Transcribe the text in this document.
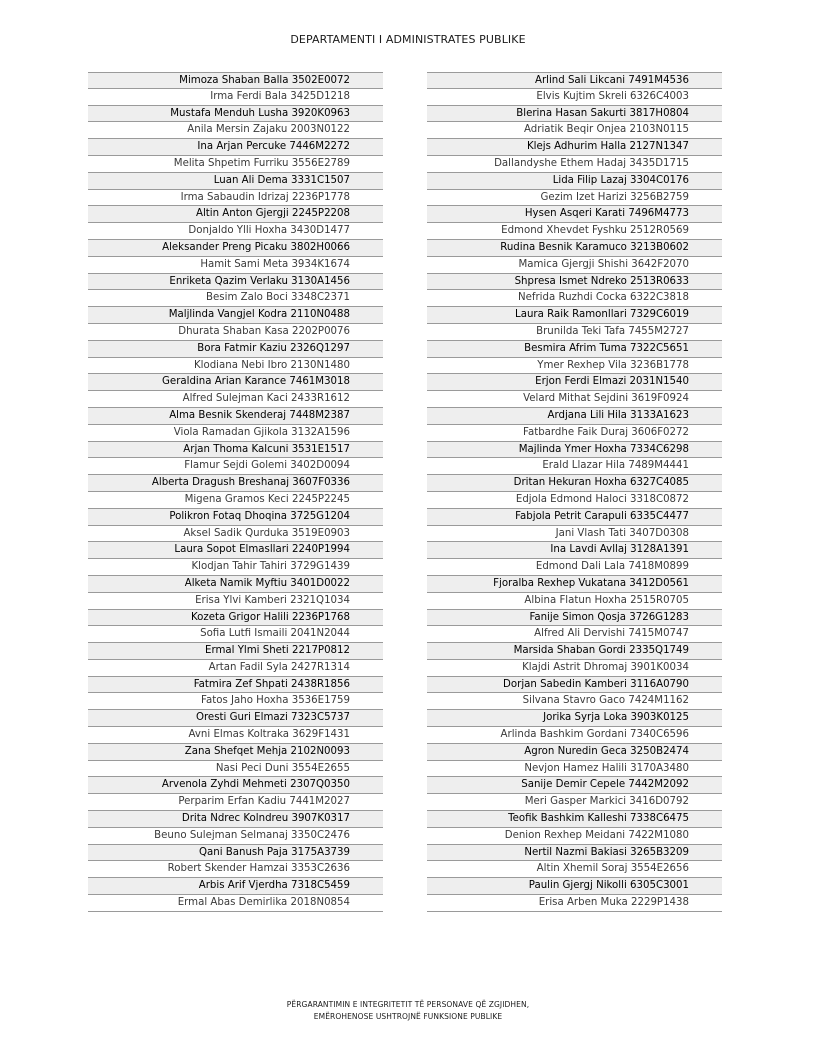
DEPARTAMENTI I ADMINISTRATES PUBLIKE
Mimoza Shaban Balla 3502E0072
Irma Ferdi Bala 3425D1218
Mustafa Menduh Lusha 3920K0963
Anila Mersin Zajaku 2003N0122
Ina Arjan Percuke 7446M2272
Melita Shpetim Furriku 3556E2789
Luan Ali Dema 3331C1507
Irma Sabaudin Idrizaj 2236P1778
Altin Anton Gjergji 2245P2208
Donjaldo Ylli Hoxha 3430D1477
Aleksander Preng Picaku 3802H0066
Hamit Sami Meta 3934K1674
Enriketa Qazim Verlaku 3130A1456
Besim Zalo Boci 3348C2371
Maljlinda Vangjel Kodra 2110N0488
Dhurata Shaban Kasa 2202P0076
Bora Fatmir Kaziu 2326Q1297
Klodiana Nebi Ibro 2130N1480
Geraldina Arian Karance 7461M3018
Alfred Sulejman Kaci 2433R1612
Alma Besnik Skenderaj 7448M2387
Viola Ramadan Gjikola 3132A1596
Arjan Thoma Kalcuni 3531E1517
Flamur Sejdi Golemi 3402D0094
Alberta Dragush Breshanaj 3607F0336
Migena Gramos Keci 2245P2245
Polikron Fotaq Dhoqina 3725G1204
Aksel Sadik Qurduka 3519E0903
Laura Sopot Elmasllari 2240P1994
Klodjan Tahir Tahiri 3729G1439
Alketa Namik Myftiu 3401D0022
Erisa Ylvi Kamberi 2321Q1034
Kozeta Grigor Halili 2236P1768
Sofia Lutfi Ismaili 2041N2044
Ermal Ylmi Sheti 2217P0812
Artan Fadil Syla 2427R1314
Fatmira Zef Shpati 2438R1856
Fatos Jaho Hoxha 3536E1759
Oresti Guri Elmazi 7323C5737
Avni Elmas Koltraka 3629F1431
Zana Shefqet Mehja 2102N0093
Nasi Peci Duni 3554E2655
Arvenola Zyhdi Mehmeti 2307Q0350
Perparim Erfan Kadiu 7441M2027
Drita Ndrec Kolndreu 3907K0317
Beuno Sulejman Selmanaj 3350C2476
Qani Banush Paja 3175A3739
Robert Skender Hamzai 3353C2636
Arbis Arif Vjerdha 7318C5459
Ermal Abas Demirlika 2018N0854
Arlind Sali Likcani 7491M4536
Elvis Kujtim Skreli 6326C4003
Blerina Hasan Sakurti 3817H0804
Adriatik Beqir Onjea 2103N0115
Klejs Adhurim Halla 2127N1347
Dallandyshe Ethem Hadaj 3435D1715
Lida Filip Lazaj 3304C0176
Gezim Izet Harizi 3256B2759
Hysen Asqeri Karati 7496M4773
Edmond Xhevdet Fyshku 2512R0569
Rudina Besnik Karamuco 3213B0602
Mamica Gjergji Shishi 3642F2070
Shpresa Ismet Ndreko 2513R0633
Nefrida Ruzhdi Cocka 6322C3818
Laura Raik Ramonllari 7329C6019
Brunilda Teki Tafa 7455M2727
Besmira Afrim Tuma 7322C5651
Ymer Rexhep Vila 3236B1778
Erjon Ferdi Elmazi 2031N1540
Velard Mithat Sejdini 3619F0924
Ardjana Lili Hila 3133A1623
Fatbardhe Faik Duraj 3606F0272
Majlinda Ymer Hoxha 7334C6298
Erald Llazar Hila 7489M4441
Dritan Hekuran Hoxha 6327C4085
Edjola Edmond Haloci 3318C0872
Fabjola Petrit Carapuli 6335C4477
Jani Vlash Tati 3407D0308
Ina Lavdi Avllaj 3128A1391
Edmond Dali Lala 7418M0899
Fjoralba Rexhep Vukatana 3412D0561
Albina Flatun Hoxha 2515R0705
Fanije Simon Qosja 3726G1283
Alfred Ali Dervishi 7415M0747
Marsida Shaban Gordi 2335Q1749
Klajdi Astrit Dhromaj 3901K0034
Dorjan Sabedin Kamberi 3116A0790
Silvana Stavro Gaco 7424M1162
Jorika Syrja Loka 3903K0125
Arlinda Bashkim Gordani 7340C6596
Agron Nuredin Geca 3250B2474
Nevjon Hamez Halili 3170A3480
Sanije Demir Cepele 7442M2092
Meri Gasper Markici 3416D0792
Teofik Bashkim Kalleshi 7338C6475
Denion Rexhep Meidani 7422M1080
Nertil Nazmi Bakiasi 3265B3209
Altin Xhemil Soraj 3554E2656
Paulin Gjergj Nikolli 6305C3001
Erisa Arben Muka 2229P1438
PËRGARANTIMIN E INTEGRITETIT TË PERSONAVE QË ZGJIDHEN,
EMËROHENOSE USHTROJNË FUNKSIONE PUBLIKE
